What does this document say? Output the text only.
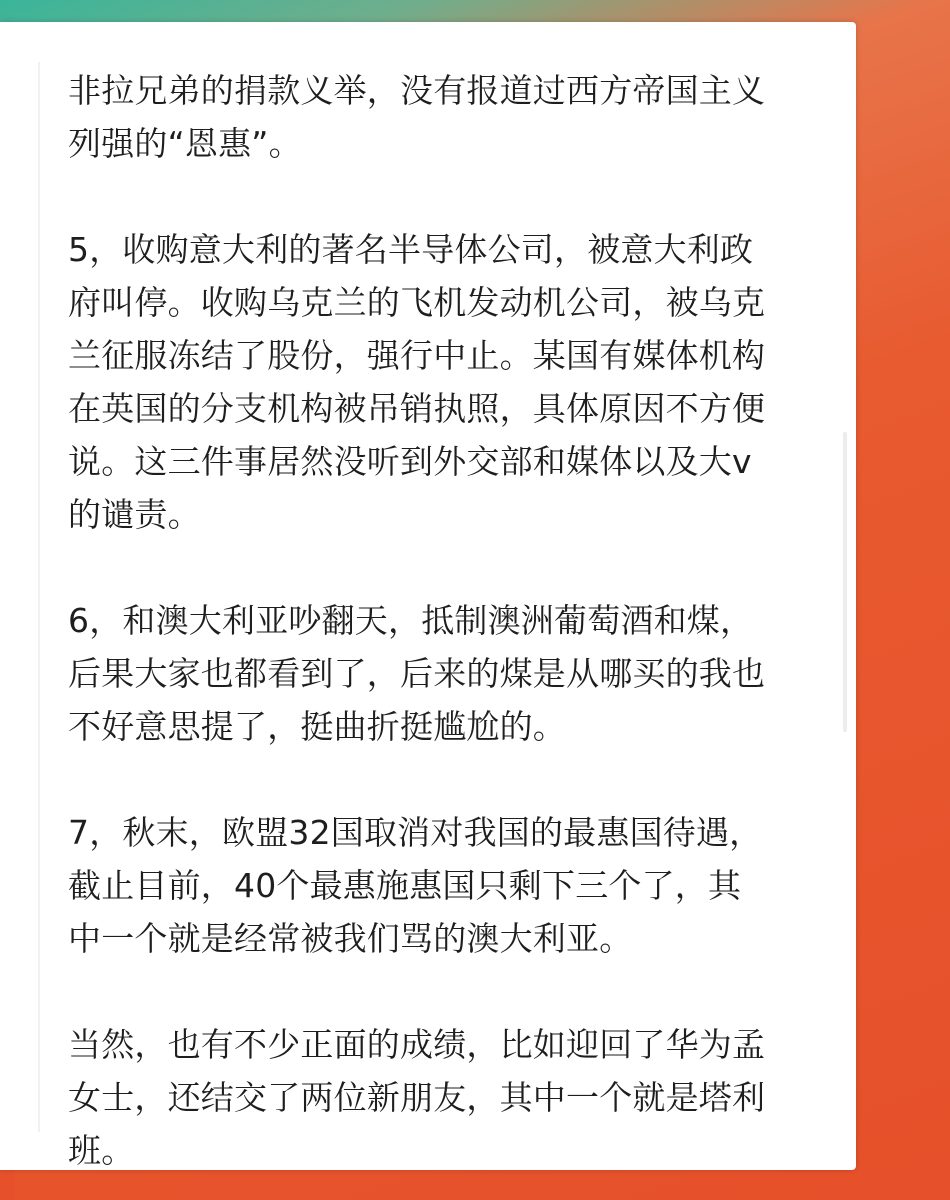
非拉兄弟的捐款义举，没有报道过西方帝国主义
列强的“恩惠”。

5，收购意大利的著名半导体公司，被意大利政
府叫停。收购乌克兰的飞机发动机公司，被乌克
兰征服冻结了股份，强行中止。某国有媒体机构
在英国的分支机构被吊销执照，具体原因不方便
说。这三件事居然没听到外交部和媒体以及大v
的谴责。

6，和澳大利亚吵翻天，抵制澳洲葡萄酒和煤，
后果大家也都看到了，后来的煤是从哪买的我也
不好意思提了，挺曲折挺尴尬的。

7，秋末，欧盟32国取消对我国的最惠国待遇，
截止目前，40个最惠施惠国只剩下三个了，其
中一个就是经常被我们骂的澳大利亚。

当然，也有不少正面的成绩，比如迎回了华为孟
女士，还结交了两位新朋友，其中一个就是塔利
班。
